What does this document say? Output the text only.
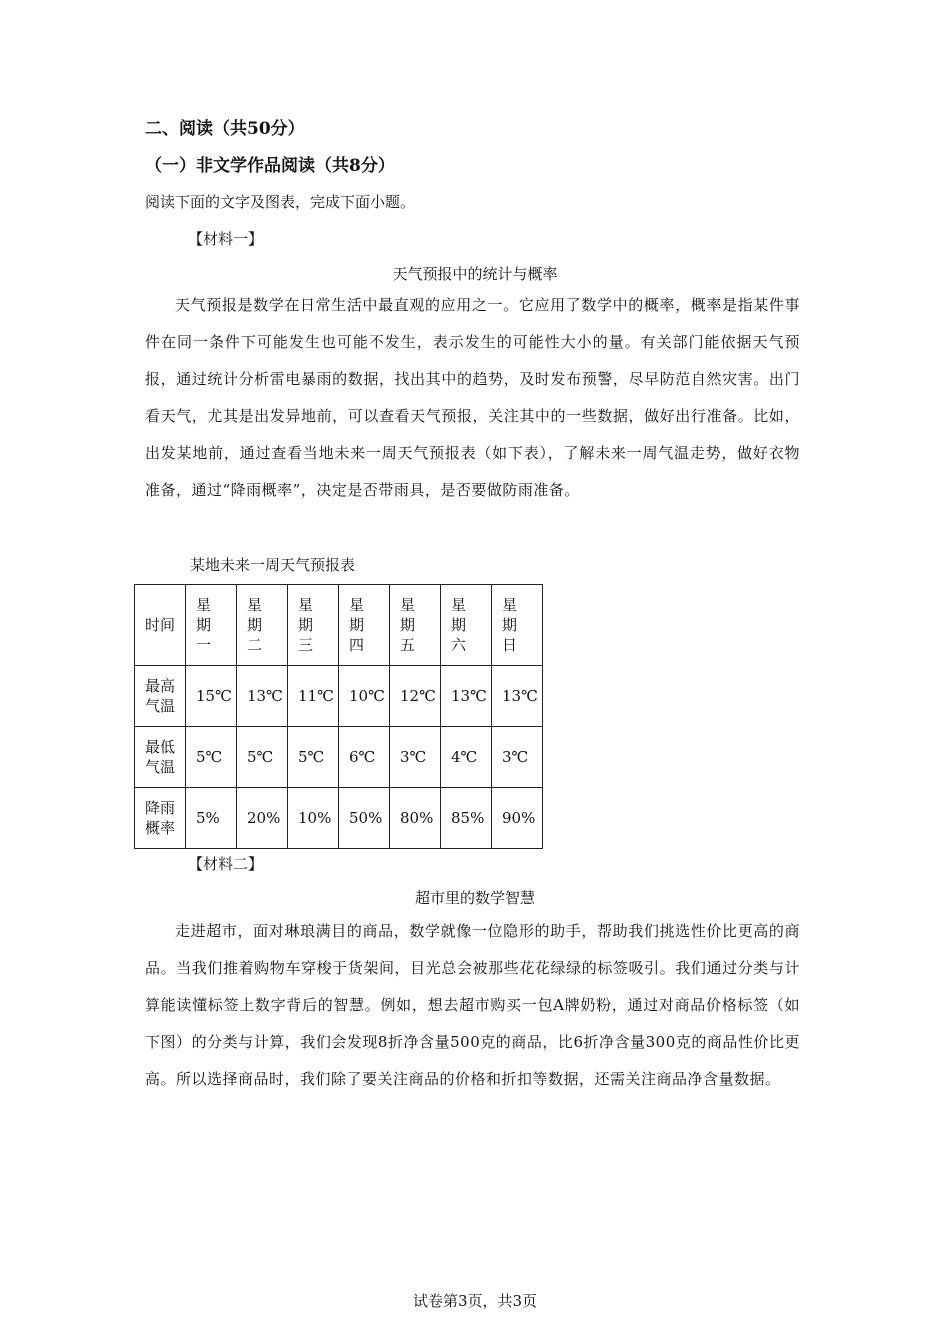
二、阅读（共50分）
（一）非文学作品阅读（共8分）
阅读下面的文字及图表，完成下面小题。
【材料一】
天气预报中的统计与概率
天气预报是数学在日常生活中最直观的应用之一。它应用了数学中的概率，概率是指某件事件在同一条件下可能发生也可能不发生，表示发生的可能性大小的量。有关部门能依据天气预报，通过统计分析雷电暴雨的数据，找出其中的趋势，及时发布预警，尽早防范自然灾害。出门看天气，尤其是出发异地前，可以查看天气预报，关注其中的一些数据，做好出行准备。比如，出发某地前，通过查看当地未来一周天气预报表（如下表），了解未来一周气温走势，做好衣物准备，通过“降雨概率”，决定是否带雨具，是否要做防雨准备。
某地未来一周天气预报表
时间	星期一	星期二	星期三	星期四	星期五	星期六	星期日

最高气温	15℃	13℃	11℃	10℃	12℃	13℃	13℃

最低气温	5℃	5℃	5℃	6℃	3℃	4℃	3℃

降雨概率	5%	20%	10%	50%	80%	85%	90%
【材料二】
超市里的数学智慧
走进超市，面对琳琅满目的商品，数学就像一位隐形的助手，帮助我们挑选性价比更高的商品。当我们推着购物车穿梭于货架间，目光总会被那些花花绿绿的标签吸引。我们通过分类与计算能读懂标签上数字背后的智慧。例如，想去超市购买一包A牌奶粉，通过对商品价格标签（如下图）的分类与计算，我们会发现8折净含量500克的商品，比6折净含量300克的商品性价比更高。所以选择商品时，我们除了要关注商品的价格和折扣等数据，还需关注商品净含量数据。
试卷第3页，共3页
